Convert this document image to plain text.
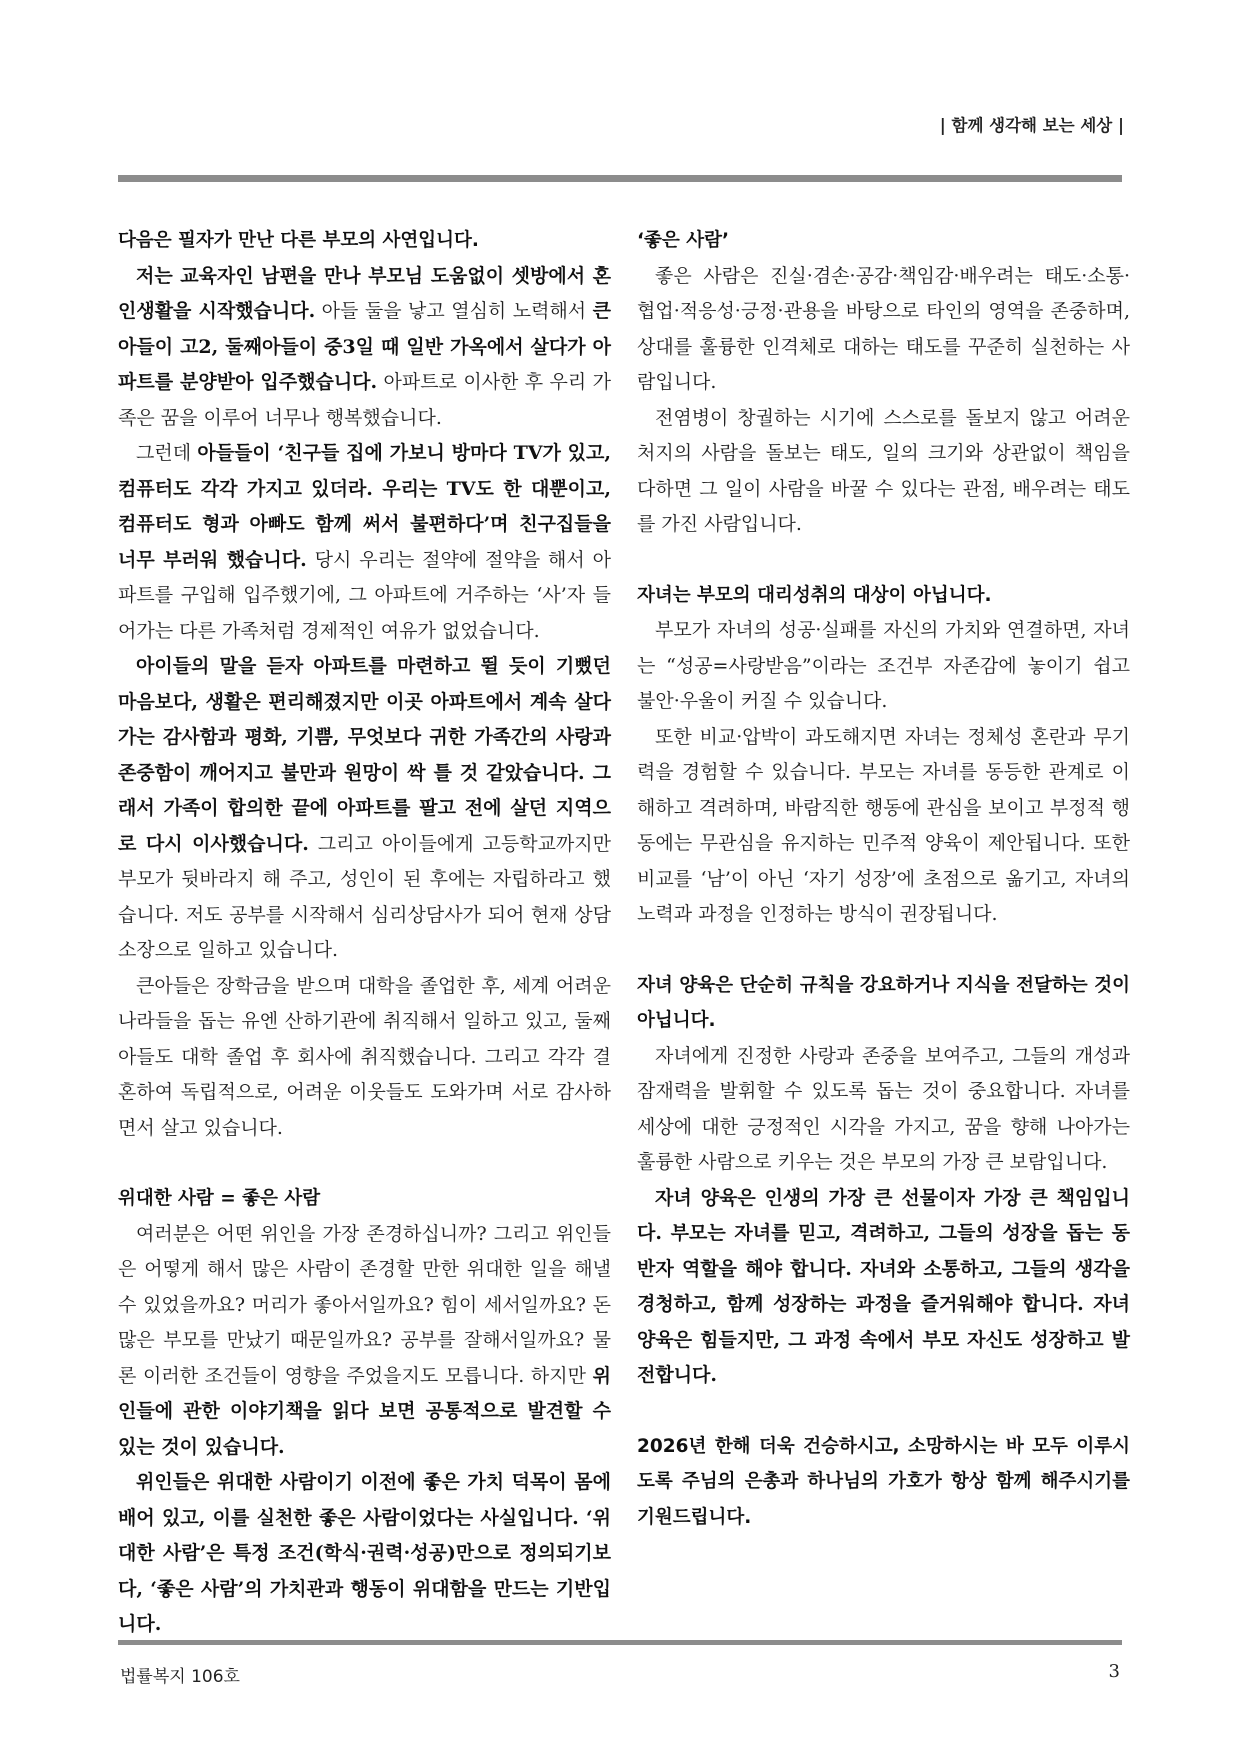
| 함께 생각해 보는 세상 |

다음은 필자가 만난 다른 부모의 사연입니다.

저는 교육자인 남편을 만나 부모님 도움없이 셋방에서 혼인생활을 시작했습니다. 아들 둘을 낳고 열심히 노력해서 큰아들이 고2, 둘째아들이 중3일 때 일반 가옥에서 살다가 아파트를 분양받아 입주했습니다. 아파트로 이사한 후 우리 가족은 꿈을 이루어 너무나 행복했습니다.

그런데 아들들이 ‘친구들 집에 가보니 방마다 TV가 있고, 컴퓨터도 각각 가지고 있더라. 우리는 TV도 한 대뿐이고, 컴퓨터도 형과 아빠도 함께 써서 불편하다’며 친구집들을 너무 부러워 했습니다. 당시 우리는 절약에 절약을 해서 아파트를 구입해 입주했기에, 그 아파트에 거주하는 ‘사’자 들어가는 다른 가족처럼 경제적인 여유가 없었습니다.

아이들의 말을 듣자 아파트를 마련하고 뛸 듯이 기뻤던 마음보다, 생활은 편리해졌지만 이곳 아파트에서 계속 살다가는 감사함과 평화, 기쁨, 무엇보다 귀한 가족간의 사랑과 존중함이 깨어지고 불만과 원망이 싹 틀 것 같았습니다. 그래서 가족이 합의한 끝에 아파트를 팔고 전에 살던 지역으로 다시 이사했습니다. 그리고 아이들에게 고등학교까지만 부모가 뒷바라지 해 주고, 성인이 된 후에는 자립하라고 했습니다. 저도 공부를 시작해서 심리상담사가 되어 현재 상담소장으로 일하고 있습니다.

큰아들은 장학금을 받으며 대학을 졸업한 후, 세계 어려운 나라들을 돕는 유엔 산하기관에 취직해서 일하고 있고, 둘째 아들도 대학 졸업 후 회사에 취직했습니다. 그리고 각각 결혼하여 독립적으로, 어려운 이웃들도 도와가며 서로 감사하면서 살고 있습니다.

위대한 사람 = 좋은 사람

여러분은 어떤 위인을 가장 존경하십니까? 그리고 위인들은 어떻게 해서 많은 사람이 존경할 만한 위대한 일을 해낼 수 있었을까요? 머리가 좋아서일까요? 힘이 세서일까요? 돈 많은 부모를 만났기 때문일까요? 공부를 잘해서일까요? 물론 이러한 조건들이 영향을 주었을지도 모릅니다. 하지만 위인들에 관한 이야기책을 읽다 보면 공통적으로 발견할 수 있는 것이 있습니다.

위인들은 위대한 사람이기 이전에 좋은 가치 덕목이 몸에 배어 있고, 이를 실천한 좋은 사람이었다는 사실입니다. ‘위대한 사람’은 특정 조건(학식·권력·성공)만으로 정의되기보다, ‘좋은 사람’의 가치관과 행동이 위대함을 만드는 기반입니다.

‘좋은 사람’

좋은 사람은 진실·겸손·공감·책임감·배우려는 태도·소통·협업·적응성·긍정·관용을 바탕으로 타인의 영역을 존중하며, 상대를 훌륭한 인격체로 대하는 태도를 꾸준히 실천하는 사람입니다.

전염병이 창궐하는 시기에 스스로를 돌보지 않고 어려운 처지의 사람을 돌보는 태도, 일의 크기와 상관없이 책임을 다하면 그 일이 사람을 바꿀 수 있다는 관점, 배우려는 태도를 가진 사람입니다.

자녀는 부모의 대리성취의 대상이 아닙니다.

부모가 자녀의 성공·실패를 자신의 가치와 연결하면, 자녀는 “성공=사랑받음”이라는 조건부 자존감에 놓이기 쉽고 불안·우울이 커질 수 있습니다.

또한 비교·압박이 과도해지면 자녀는 정체성 혼란과 무기력을 경험할 수 있습니다. 부모는 자녀를 동등한 관계로 이해하고 격려하며, 바람직한 행동에 관심을 보이고 부정적 행동에는 무관심을 유지하는 민주적 양육이 제안됩니다. 또한 비교를 ‘남’이 아닌 ‘자기 성장’에 초점으로 옮기고, 자녀의 노력과 과정을 인정하는 방식이 권장됩니다.

자녀 양육은 단순히 규칙을 강요하거나 지식을 전달하는 것이 아닙니다.

자녀에게 진정한 사랑과 존중을 보여주고, 그들의 개성과 잠재력을 발휘할 수 있도록 돕는 것이 중요합니다. 자녀를 세상에 대한 긍정적인 시각을 가지고, 꿈을 향해 나아가는 훌륭한 사람으로 키우는 것은 부모의 가장 큰 보람입니다.

자녀 양육은 인생의 가장 큰 선물이자 가장 큰 책임입니다. 부모는 자녀를 믿고, 격려하고, 그들의 성장을 돕는 동반자 역할을 해야 합니다. 자녀와 소통하고, 그들의 생각을 경청하고, 함께 성장하는 과정을 즐거워해야 합니다. 자녀 양육은 힘들지만, 그 과정 속에서 부모 자신도 성장하고 발전합니다.

2026년 한해 더욱 건승하시고, 소망하시는 바 모두 이루시도록 주님의 은총과 하나님의 가호가 항상 함께 해주시기를 기원드립니다.

법률복지 106호	3
